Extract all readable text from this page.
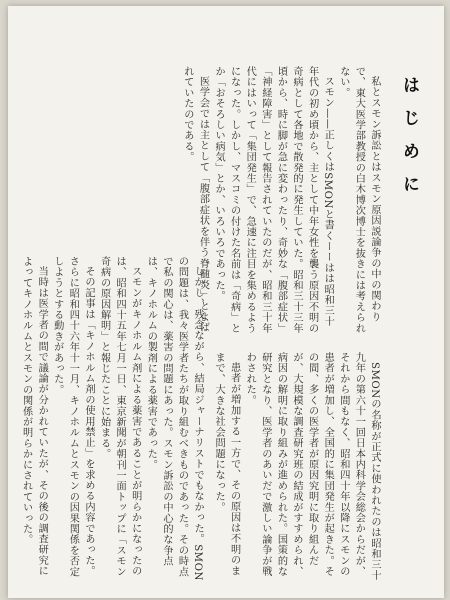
はじめに

私とスモン訴訟とはスモン原因説論争の中の関わりで、東大医学部教授の白木博次博士を抜きには考えられない。

スモン——正しくはSMONと書くーーはは昭和三十年代の初め頃から、主として中年女性を襲う原因不明の奇病として各地で散発的に発生していた。昭和三十三年頃から、時に脚が急に変わったり、奇妙な「腹部症状」「神経障害」として報告されていたのだが、昭和三十年代にはいって「集団発生」で、急速に注目を集めるようになった。しかし、マスコミの付けた名前は「奇病」とか「おそろしい病気」とか、いろいろであった。

医学会では主として「腹部症状を伴う脊髄炎」とよばれていたのである。

SMONの名称が正式に使われたのは昭和三十九年の第六十一回日本内科学会総会からだが、それから間もなく、昭和四十年以降にスモンの患者が増加し、全国的に集団発生が起きた。その間、多くの医学者が原因究明に取り組んだが、大規模な調査研究班の結成がすすめられ、病因の解明に取り組みが進められた。国策的な研究となり、医学者のあいだで激しい論争が戦わされた。

患者が増加する一方で、その原因は不明のままで、大きな社会問題になった。

しかし、残念ながら、結局ジャーナリストでもなかった。SMONの問題は、我々医学者たちが取り組むべきものであった。その時点で私の関心は、薬害の問題にあった。スモン訴訟の中心的な争点は、キノホルムの製剤による薬害であった。

スモンがキノホルム剤による薬害であることが明らかになったのは、昭和四十五年七月一日、東京新聞が朝刊一面トップに「スモン奇病の原因解明」と報じたことに始まる。

その記事は「キノホルム剤の使用禁止」を求める内容であった。さらに昭和四十六年十一月、キノホルムとスモンの因果関係を否定しようとする動きがあった。

当時は医学者の間で議論が分かれていたが、その後の調査研究によってキノホルムとスモンの関係が明らかにされていった。
